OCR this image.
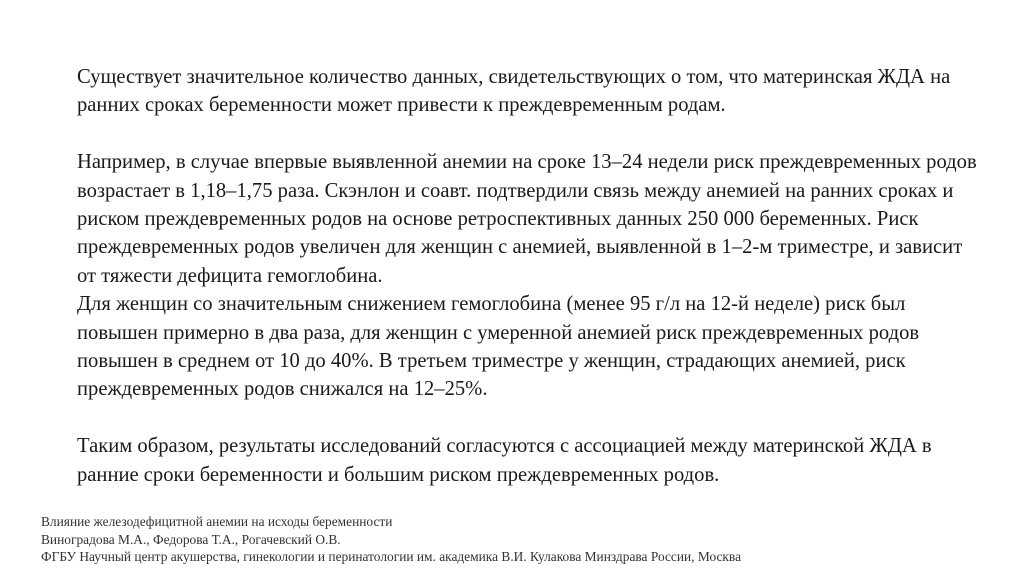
Существует значительное количество данных, свидетельствующих о том, что материнская ЖДА на ранних сроках беременности может привести к преждевременным родам.

Например, в случае впервые выявленной анемии на сроке 13–24 недели риск преждевременных родов возрастает в 1,18–1,75 раза. Скэнлон и соавт. подтвердили связь между анемией на ранних сроках и риском преждевременных родов на основе ретроспективных данных 250 000 беременных. Риск преждевременных родов увеличен для женщин с анемией, выявленной в 1–2-м триместре, и зависит от тяжести дефицита гемоглобина.

Для женщин со значительным снижением гемоглобина (менее 95 г/л на 12-й неделе) риск был повышен примерно в два раза, для женщин с умеренной анемией риск преждевременных родов повышен в среднем от 10 до 40%. В третьем триместре у женщин, страдающих анемией, риск преждевременных родов снижался на 12–25%.

Таким образом, результаты исследований согласуются с ассоциацией между материнской ЖДА в ранние сроки беременности и большим риском преждевременных родов.

Влияние железодефицитной анемии на исходы беременности

Виноградова М.А., Федорова Т.А., Рогачевский О.В.

ФГБУ Научный центр акушерства, гинекологии и перинатологии им. академика В.И. Кулакова Минздрава России, Москва
